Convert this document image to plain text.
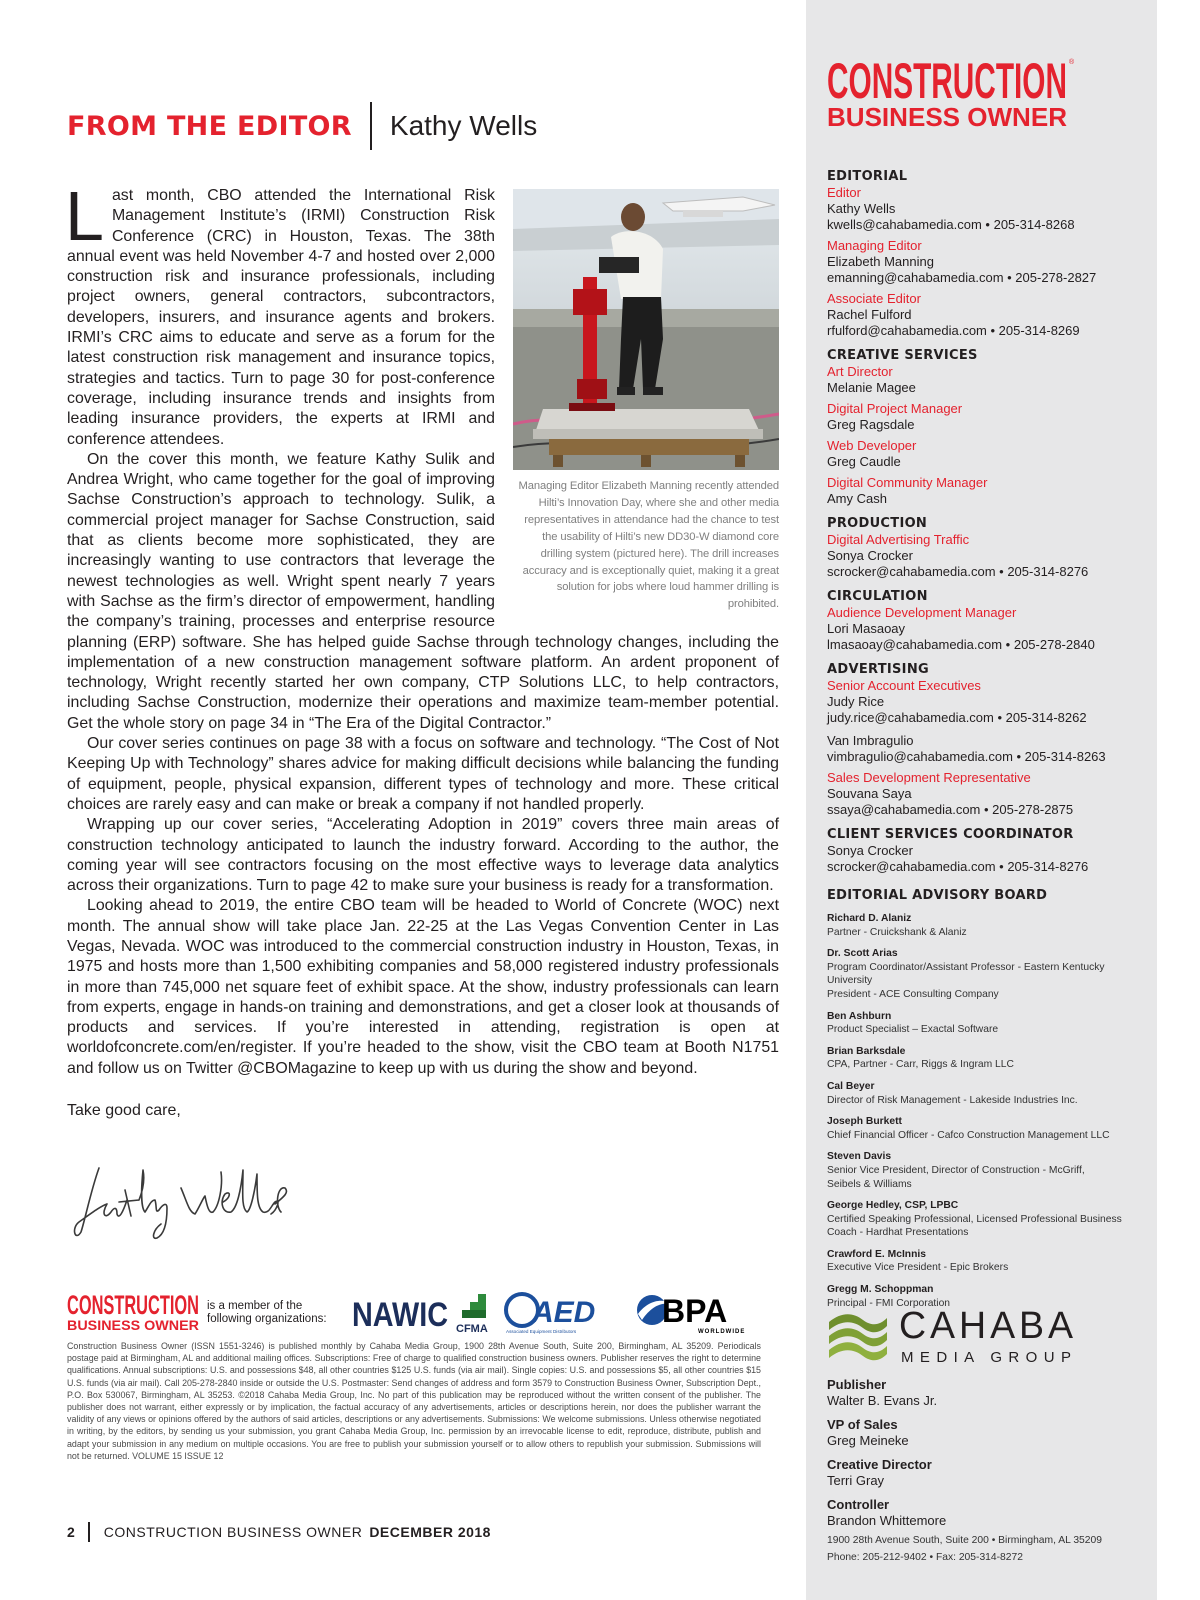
FROM THE EDITOR Kathy Wells
Managing Editor Elizabeth Manning recently attended Hilti’s Innovation Day, where she and other media representatives in attendance had the chance to test the usability of Hilti’s new DD30-W diamond core drilling system (pictured here). The drill increases accuracy and is exceptionally quiet, making it a great solution for jobs where loud hammer drilling is prohibited.

Last month, CBO attended the International Risk Management Institute’s (IRMI) Construction Risk Conference (CRC) in Houston, Texas. The 38th annual event was held November 4-7 and hosted over 2,000 construction risk and insurance professionals, including project owners, general contractors, subcontractors, developers, insurers, and insurance agents and brokers. IRMI’s CRC aims to educate and serve as a forum for the latest construction risk management and insurance topics, strategies and tactics. Turn to page 30 for post-conference coverage, including insurance trends and insights from leading insurance providers, the experts at IRMI and conference attendees.

On the cover this month, we feature Kathy Sulik and Andrea Wright, who came together for the goal of improving Sachse Construction’s approach to technology. Sulik, a commercial project manager for Sachse Construction, said that as clients become more sophisticated, they are increasingly wanting to use contractors that leverage the newest technologies as well. Wright spent nearly 7 years with Sachse as the firm’s director of empowerment, handling the company’s training, processes and enterprise resource planning (ERP) software. She has helped guide Sachse through technology changes, including the implementation of a new construction management software platform. An ardent proponent of technology, Wright recently started her own company, CTP Solutions LLC, to help contractors, including Sachse Construction, modernize their operations and maximize team-member potential. Get the whole story on page 34 in “The Era of the Digital Contractor.”

Our cover series continues on page 38 with a focus on software and technology. “The Cost of Not Keeping Up with Technology” shares advice for making difficult decisions while balancing the funding of equipment, people, physical expansion, different types of technology and more. These critical choices are rarely easy and can make or break a company if not handled properly.

Wrapping up our cover series, “Accelerating Adoption in 2019” covers three main areas of construction technology anticipated to launch the industry forward. According to the author, the coming year will see contractors focusing on the most effective ways to leverage data analytics across their organizations. Turn to page 42 to make sure your business is ready for a transformation.

Looking ahead to 2019, the entire CBO team will be headed to World of Concrete (WOC) next month. The annual show will take place Jan. 22-25 at the Las Vegas Convention Center in Las Vegas, Nevada. WOC was introduced to the commercial construction industry in Houston, Texas, in 1975 and hosts more than 1,500 exhibiting companies and 58,000 registered industry professionals in more than 745,000 net square feet of exhibit space. At the show, industry professionals can learn from experts, engage in hands-on training and demonstrations, and get a closer look at thousands of products and services. If you’re interested in attending, registration is open at worldofconcrete.com/en/register. If you’re headed to the show, visit the CBO team at Booth N1751 and follow us on Twitter @CBOMagazine to keep up with us during the show and beyond.

Take good care,
CONSTRUCTION
BUSINESS OWNER
is a member of the following organizations: NAWIC CFMA AED
Associated Equipment Distributors
BPA
WORLDWIDE
Construction Business Owner (ISSN 1551-3246) is published monthly by Cahaba Media Group, 1900 28th Avenue South, Suite 200, Birmingham, AL 35209. Periodicals postage paid at Birmingham, AL and additional mailing offices. Subscriptions: Free of charge to qualified construction business owners. Publisher reserves the right to determine qualifications. Annual subscriptions: U.S. and possessions $48, all other countries $125 U.S. funds (via air mail). Single copies: U.S. and possessions $5, all other countries $15 U.S. funds (via air mail). Call 205-278-2840 inside or outside the U.S. Postmaster: Send changes of address and form 3579 to Construction Business Owner, Subscription Dept., P.O. Box 530067, Birmingham, AL 35253. ©2018 Cahaba Media Group, Inc. No part of this publication may be reproduced without the written consent of the publisher. The publisher does not warrant, either expressly or by implication, the factual accuracy of any advertisements, articles or descriptions herein, nor does the publisher warrant the validity of any views or opinions offered by the authors of said articles, descriptions or any advertisements. Submissions: We welcome submissions. Unless otherwise negotiated in writing, by the editors, by sending us your submission, you grant Cahaba Media Group, Inc. permission by an irrevocable license to edit, reproduce, distribute, publish and adapt your submission in any medium on multiple occasions. You are free to publish your submission yourself or to allow others to republish your submission. Submissions will not be returned. VOLUME 15 ISSUE 12
2 CONSTRUCTION BUSINESS OWNER DECEMBER 2018
CONSTRUCTION
BUSINESS OWNER
®
EDITORIAL
Editor
Kathy Wells
kwells@cahabamedia.com • 205-314-8268
Managing Editor
Elizabeth Manning
emanning@cahabamedia.com • 205-278-2827
Associate Editor
Rachel Fulford
rfulford@cahabamedia.com • 205-314-8269
CREATIVE SERVICES
Art Director
Melanie Magee
Digital Project Manager
Greg Ragsdale
Web Developer
Greg Caudle
Digital Community Manager
Amy Cash
PRODUCTION
Digital Advertising Traffic
Sonya Crocker
scrocker@cahabamedia.com • 205-314-8276
CIRCULATION
Audience Development Manager
Lori Masaoay
lmasaoay@cahabamedia.com • 205-278-2840
ADVERTISING
Senior Account Executives
Judy Rice
judy.rice@cahabamedia.com • 205-314-8262
Van Imbragulio
vimbragulio@cahabamedia.com • 205-314-8263
Sales Development Representative
Souvana Saya
ssaya@cahabamedia.com • 205-278-2875
CLIENT SERVICES COORDINATOR
Sonya Crocker
scrocker@cahabamedia.com • 205-314-8276
EDITORIAL ADVISORY BOARD
Richard D. Alaniz
Partner - Cruickshank & Alaniz
Dr. Scott Arias
Program Coordinator/Assistant Professor - Eastern Kentucky University
President - ACE Consulting Company
Ben Ashburn
Product Specialist – Exactal Software
Brian Barksdale
CPA, Partner - Carr, Riggs & Ingram LLC
Cal Beyer
Director of Risk Management - Lakeside Industries Inc.
Joseph Burkett
Chief Financial Officer - Cafco Construction Management LLC
Steven Davis
Senior Vice President, Director of Construction - McGriff, Seibels & Williams
George Hedley, CSP, LPBC
Certified Speaking Professional, Licensed Professional Business Coach - Hardhat Presentations
Crawford E. McInnis
Executive Vice President - Epic Brokers
Gregg M. Schoppman
Principal - FMI Corporation
CAHABA
MEDIA GROUP
Publisher
Walter B. Evans Jr.
VP of Sales
Greg Meineke
Creative Director
Terri Gray
Controller
Brandon Whittemore
1900 28th Avenue South, Suite 200 • Birmingham, AL 35209
Phone: 205-212-9402 • Fax: 205-314-8272
